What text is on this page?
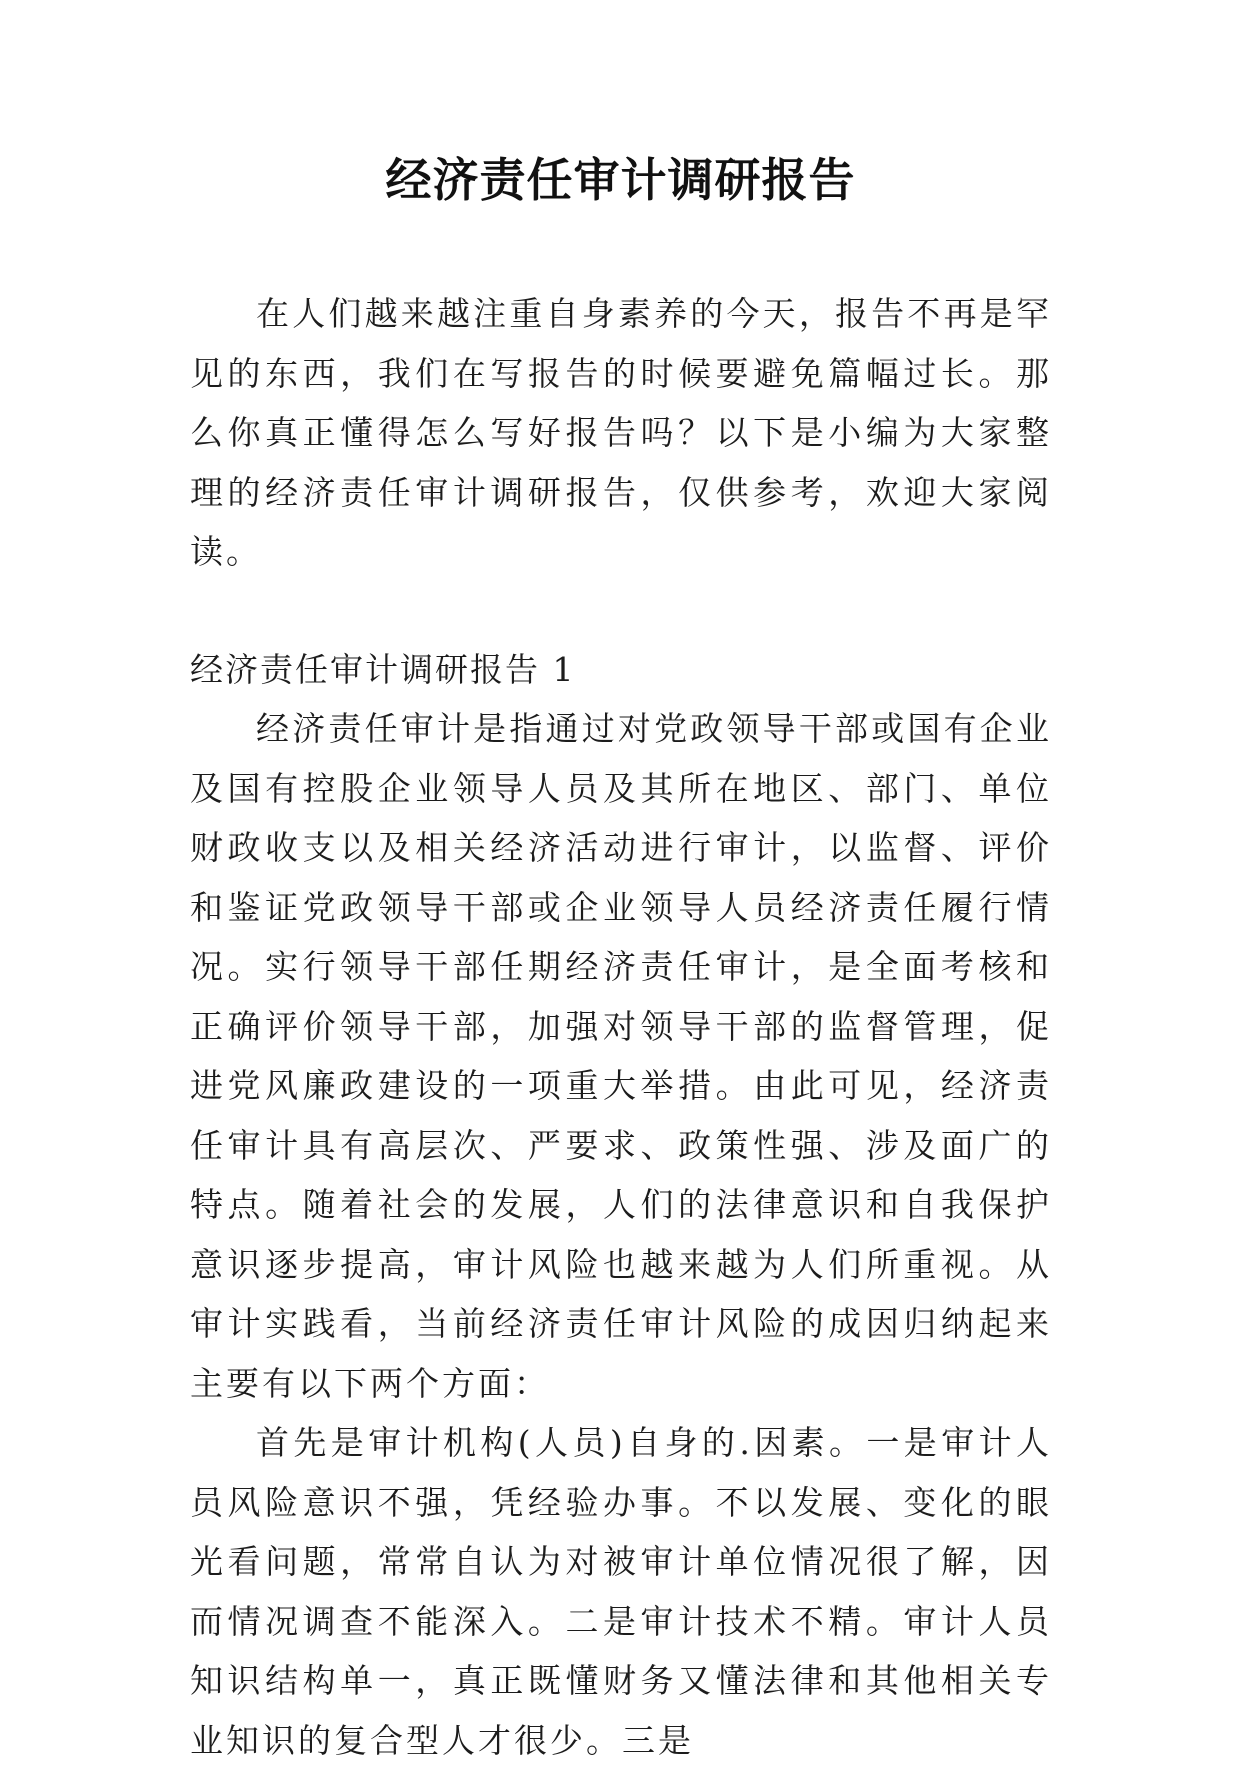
经济责任审计调研报告

在人们越来越注重自身素养的今天，报告不再是罕见的东西，我们在写报告的时候要避免篇幅过长。那么你真正懂得怎么写好报告吗？以下是小编为大家整理的经济责任审计调研报告，仅供参考，欢迎大家阅读。

经济责任审计调研报告 1

经济责任审计是指通过对党政领导干部或国有企业及国有控股企业领导人员及其所在地区、部门、单位财政收支以及相关经济活动进行审计，以监督、评价和鉴证党政领导干部或企业领导人员经济责任履行情况。实行领导干部任期经济责任审计，是全面考核和正确评价领导干部，加强对领导干部的监督管理，促进党风廉政建设的一项重大举措。由此可见，经济责任审计具有高层次、严要求、政策性强、涉及面广的特点。随着社会的发展，人们的法律意识和自我保护意识逐步提高，审计风险也越来越为人们所重视。从审计实践看，当前经济责任审计风险的成因归纳起来主要有以下两个方面：

首先是审计机构(人员)自身的.因素。一是审计人员风险意识不强，凭经验办事。不以发展、变化的眼光看问题，常常自认为对被审计单位情况很了解，因而情况调查不能深入。二是审计技术不精。审计人员知识结构单一，真正既懂财务又懂法律和其他相关专业知识的复合型人才很少。三是
